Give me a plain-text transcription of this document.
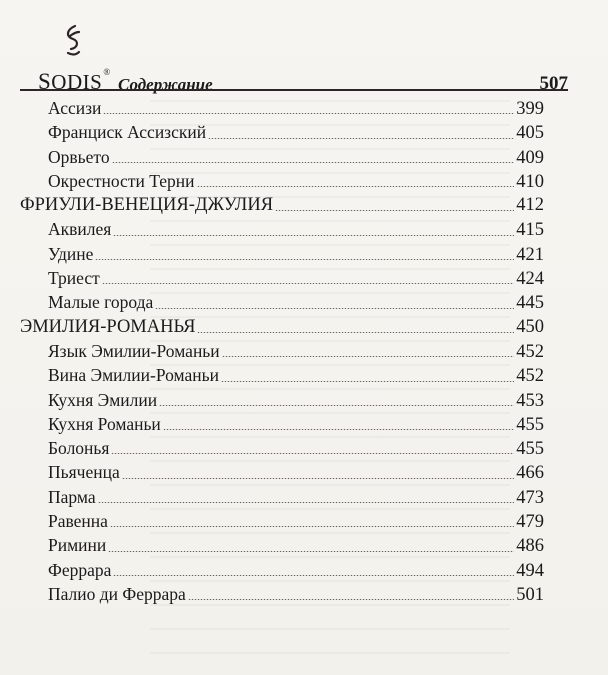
SODIS®
Содержание	507
Ассизи	399
Франциск Ассизский	405
Орвьето	409
Окрестности Терни	410
ФРИУЛИ-ВЕНЕЦИЯ-ДЖУЛИЯ	412
Аквилея	415
Удине	421
Триест	424
Малые города	445
ЭМИЛИЯ-РОМАНЬЯ	450
Язык Эмилии-Романьи	452
Вина Эмилии-Романьи	452
Кухня Эмилии	453
Кухня Романьи	455
Болонья	455
Пьяченца	466
Парма	473
Равенна	479
Римини	486
Феррара	494
Палио ди Феррара	501
